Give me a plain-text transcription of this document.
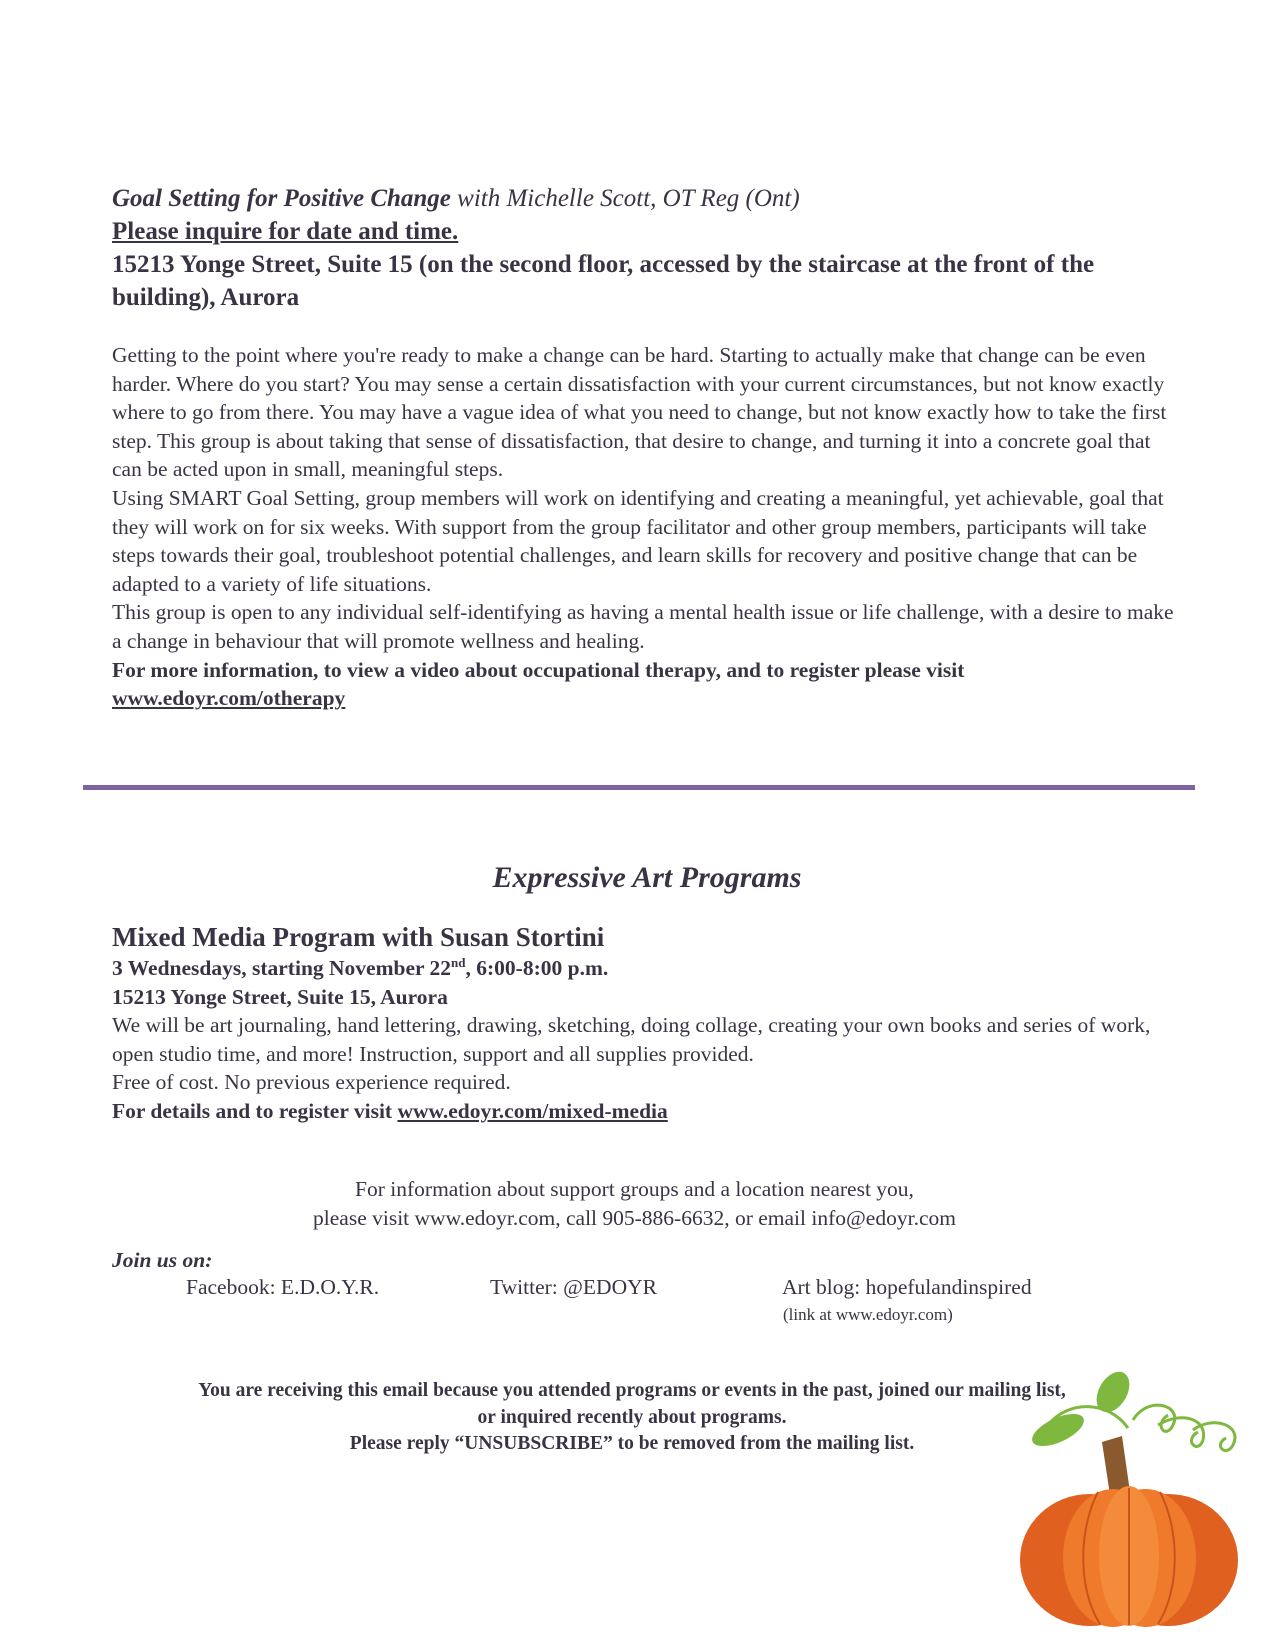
Goal Setting for Positive Change with Michelle Scott, OT Reg (Ont)
Please inquire for date and time.

15213 Yonge Street, Suite 15 (on the second floor, accessed by the staircase at the front of the building), Aurora

Getting to the point where you're ready to make a change can be hard. Starting to actually make that change can be even harder. Where do you start? You may sense a certain dissatisfaction with your current circumstances, but not know exactly where to go from there. You may have a vague idea of what you need to change, but not know exactly how to take the first step. This group is about taking that sense of dissatisfaction, that desire to change, and turning it into a concrete goal that can be acted upon in small, meaningful steps.

Using SMART Goal Setting, group members will work on identifying and creating a meaningful, yet achievable, goal that they will work on for six weeks. With support from the group facilitator and other group members, participants will take steps towards their goal, troubleshoot potential challenges, and learn skills for recovery and positive change that can be adapted to a variety of life situations.

This group is open to any individual self-identifying as having a mental health issue or life challenge, with a desire to make a change in behaviour that will promote wellness and healing.

For more information, to view a video about occupational therapy, and to register please visit

www.edoyr.com/otherapy

Expressive Art Programs

Mixed Media Program with Susan Stortini

3 Wednesdays, starting November 22nd, 6:00-8:00 p.m.

15213 Yonge Street, Suite 15, Aurora

We will be art journaling, hand lettering, drawing, sketching, doing collage, creating your own books and series of work, open studio time, and more! Instruction, support and all supplies provided.

Free of cost. No previous experience required.

For details and to register visit www.edoyr.com/mixed-media

For information about support groups and a location nearest you,
please visit www.edoyr.com, call 905-886-6632, or email info@edoyr.com
Join us on:
Facebook: E.D.O.Y.R.	Twitter: @EDOYR	Art blog: hopefulandinspired
(link at www.edoyr.com)
You are receiving this email because you attended programs or events in the past, joined our mailing list,
or inquired recently about programs.
Please reply “UNSUBSCRIBE” to be removed from the mailing list.
